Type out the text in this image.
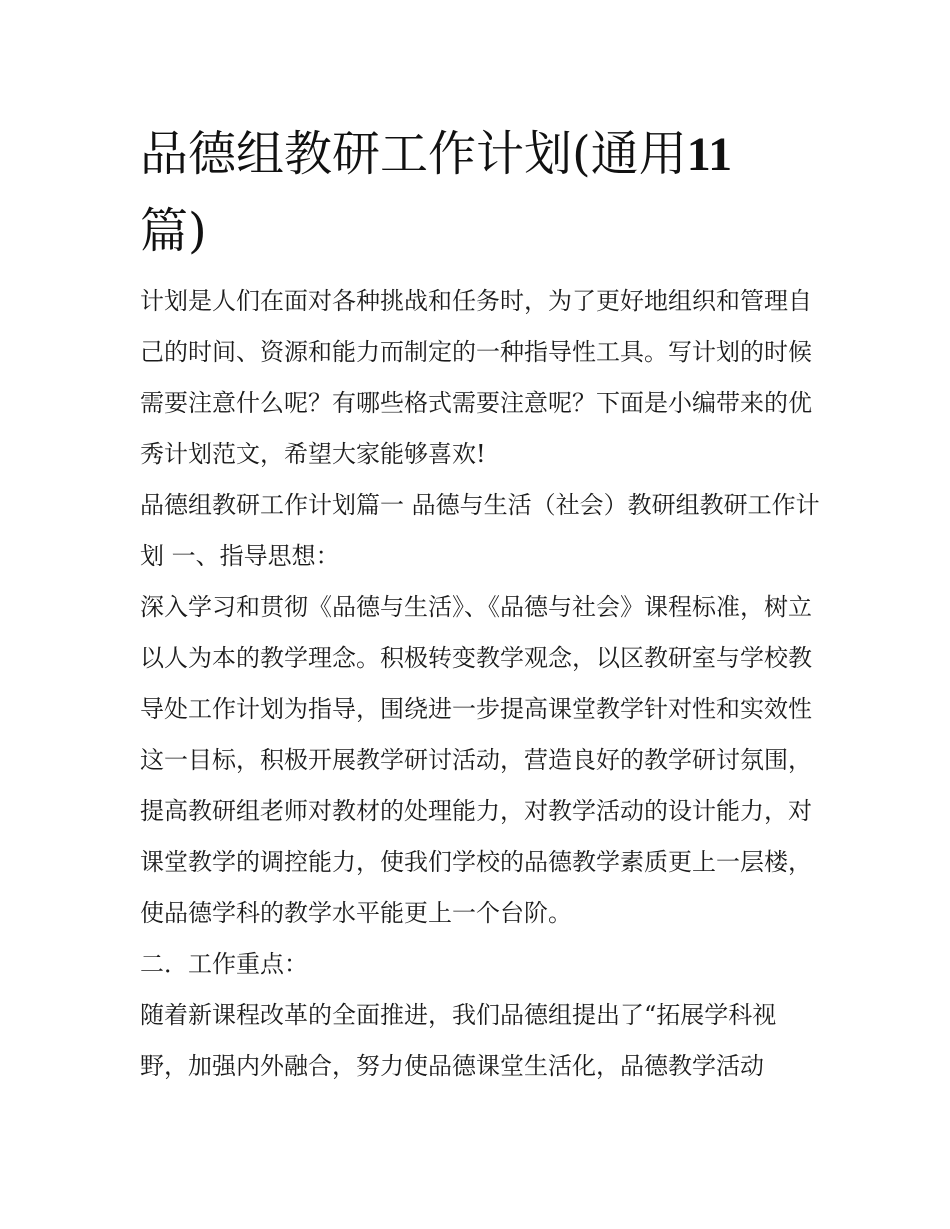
品德组教研工作计划(通用11
篇)

计划是人们在面对各种挑战和任务时，为了更好地组织和管理自己的时间、资源和能力而制定的一种指导性工具。写计划的时候需要注意什么呢？有哪些格式需要注意呢？下面是小编带来的优秀计划范文，希望大家能够喜欢!

品德组教研工作计划篇一 品德与生活（社会）教研组教研工作计划 一、指导思想：

深入学习和贯彻《品德与生活》、《品德与社会》课程标准，树立以人为本的教学理念。积极转变教学观念，以区教研室与学校教导处工作计划为指导，围绕进一步提高课堂教学针对性和实效性这一目标，积极开展教学研讨活动，营造良好的教学研讨氛围，提高教研组老师对教材的处理能力，对教学活动的设计能力，对课堂教学的调控能力，使我们学校的品德教学素质更上一层楼，使品德学科的教学水平能更上一个台阶。

二．工作重点：

随着新课程改革的全面推进，我们品德组提出了“拓展学科视野，加强内外融合，努力使品德课堂生活化，品德教学活动
